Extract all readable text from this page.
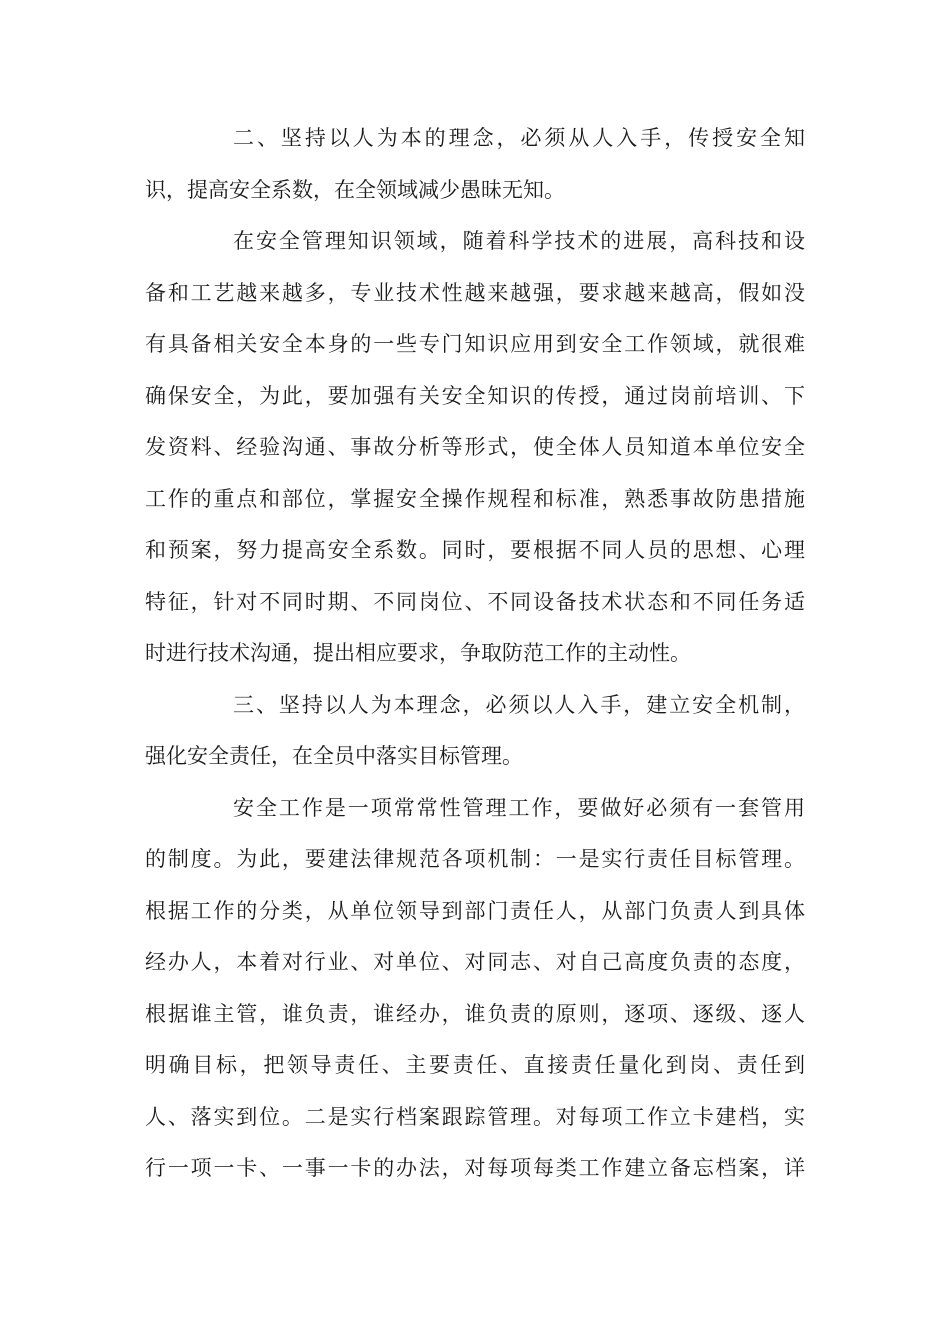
二、坚持以人为本的理念，必须从人入手，传授安全知
识，提高安全系数，在全领域减少愚昧无知。
在安全管理知识领域，随着科学技术的进展，高科技和设
备和工艺越来越多，专业技术性越来越强，要求越来越高，假如没
有具备相关安全本身的一些专门知识应用到安全工作领域，就很难
确保安全，为此，要加强有关安全知识的传授，通过岗前培训、下
发资料、经验沟通、事故分析等形式，使全体人员知道本单位安全
工作的重点和部位，掌握安全操作规程和标准，熟悉事故防患措施
和预案，努力提高安全系数。同时，要根据不同人员的思想、心理
特征，针对不同时期、不同岗位、不同设备技术状态和不同任务适
时进行技术沟通，提出相应要求，争取防范工作的主动性。
三、坚持以人为本理念，必须以人入手，建立安全机制，
强化安全责任，在全员中落实目标管理。
安全工作是一项常常性管理工作，要做好必须有一套管用
的制度。为此，要建法律规范各项机制：一是实行责任目标管理。
根据工作的分类，从单位领导到部门责任人，从部门负责人到具体
经办人，本着对行业、对单位、对同志、对自己高度负责的态度，
根据谁主管，谁负责，谁经办，谁负责的原则，逐项、逐级、逐人
明确目标，把领导责任、主要责任、直接责任量化到岗、责任到
人、落实到位。二是实行档案跟踪管理。对每项工作立卡建档，实
行一项一卡、一事一卡的办法，对每项每类工作建立备忘档案，详
